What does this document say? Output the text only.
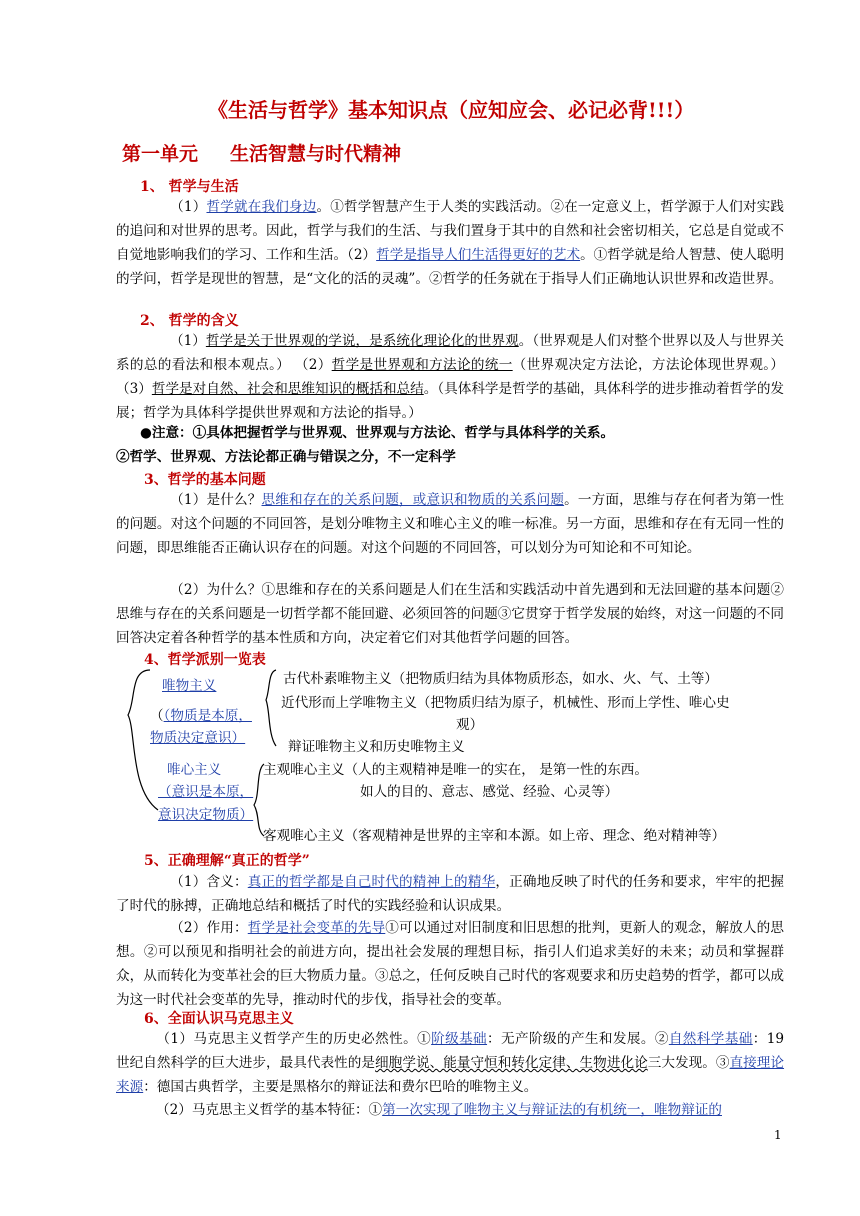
《生活与哲学》基本知识点（应知应会、必记必背!!!）
第一单元 生活智慧与时代精神
1、 哲学与生活
（1）哲学就在我们身边。①哲学智慧产生于人类的实践活动。②在一定意义上，哲学源于人们对实践的追问和对世界的思考。因此，哲学与我们的生活、与我们置身于其中的自然和社会密切相关，它总是自觉或不自觉地影响我们的学习、工作和生活。（2）哲学是指导人们生活得更好的艺术。①哲学就是给人智慧、使人聪明的学问，哲学是现世的智慧，是“文化的活的灵魂”。②哲学的任务就在于指导人们正确地认识世界和改造世界。
2、 哲学的含义
（1）哲学是关于世界观的学说，是系统化理论化的世界观。（世界观是人们对整个世界以及人与世界关系的总的看法和根本观点。） （2）哲学是世界观和方法论的统一（世界观决定方法论，方法论体现世界观。） （3）哲学是对自然、社会和思维知识的概括和总结。（具体科学是哲学的基础，具体科学的进步推动着哲学的发展；哲学为具体科学提供世界观和方法论的指导。）
●注意：①具体把握哲学与世界观、世界观与方法论、哲学与具体科学的关系。
②哲学、世界观、方法论都正确与错误之分，不一定科学
3、哲学的基本问题
（1）是什么？思维和存在的关系问题，或意识和物质的关系问题。一方面，思维与存在何者为第一性的问题。对这个问题的不同回答，是划分唯物主义和唯心主义的唯一标准。另一方面，思维和存在有无同一性的问题，即思维能否正确认识存在的问题。对这个问题的不同回答，可以划分为可知论和不可知论。
（2）为什么？①思维和存在的关系问题是人们在生活和实践活动中首先遇到和无法回避的基本问题②思维与存在的关系问题是一切哲学都不能回避、必须回答的问题③它贯穿于哲学发展的始终，对这一问题的不同回答决定着各种哲学的基本性质和方向，决定着它们对其他哲学问题的回答。
4、哲学派别一览表
唯物主义
（（物质是本原，
物质决定意识）
古代朴素唯物主义（把物质归结为具体物质形态，如水、火、气、土等）
近代形而上学唯物主义（把物质归结为原子，机械性、形而上学性、唯心史
观）
辩证唯物主义和历史唯物主义
唯心主义
（意识是本原，
意识决定物质）
主观唯心主义（人的主观精神是唯一的实在， 是第一性的东西。
如人的目的、意志、感觉、经验、心灵等）
客观唯心主义（客观精神是世界的主宰和本源。如上帝、理念、绝对精神等）
5、正确理解“真正的哲学”
（1）含义：真正的哲学都是自己时代的精神上的精华，正确地反映了时代的任务和要求，牢牢的把握了时代的脉搏，正确地总结和概括了时代的实践经验和认识成果。
（2）作用：哲学是社会变革的先导①可以通过对旧制度和旧思想的批判，更新人的观念，解放人的思想。②可以预见和指明社会的前进方向，提出社会发展的理想目标，指引人们追求美好的未来；动员和掌握群众，从而转化为变革社会的巨大物质力量。③总之，任何反映自己时代的客观要求和历史趋势的哲学，都可以成为这一时代社会变革的先导，推动时代的步伐，指导社会的变革。
6、全面认识马克思主义
（1）马克思主义哲学产生的历史必然性。①阶级基础：无产阶级的产生和发展。②自然科学基础：19 世纪自然科学的巨大进步，最具代表性的是细胞学说、能量守恒和转化定律、生物进化论三大发现。③直接理论来源：德国古典哲学，主要是黑格尔的辩证法和费尔巴哈的唯物主义。
（2）马克思主义哲学的基本特征：①第一次实现了唯物主义与辩证法的有机统一，唯物辩证的
1
